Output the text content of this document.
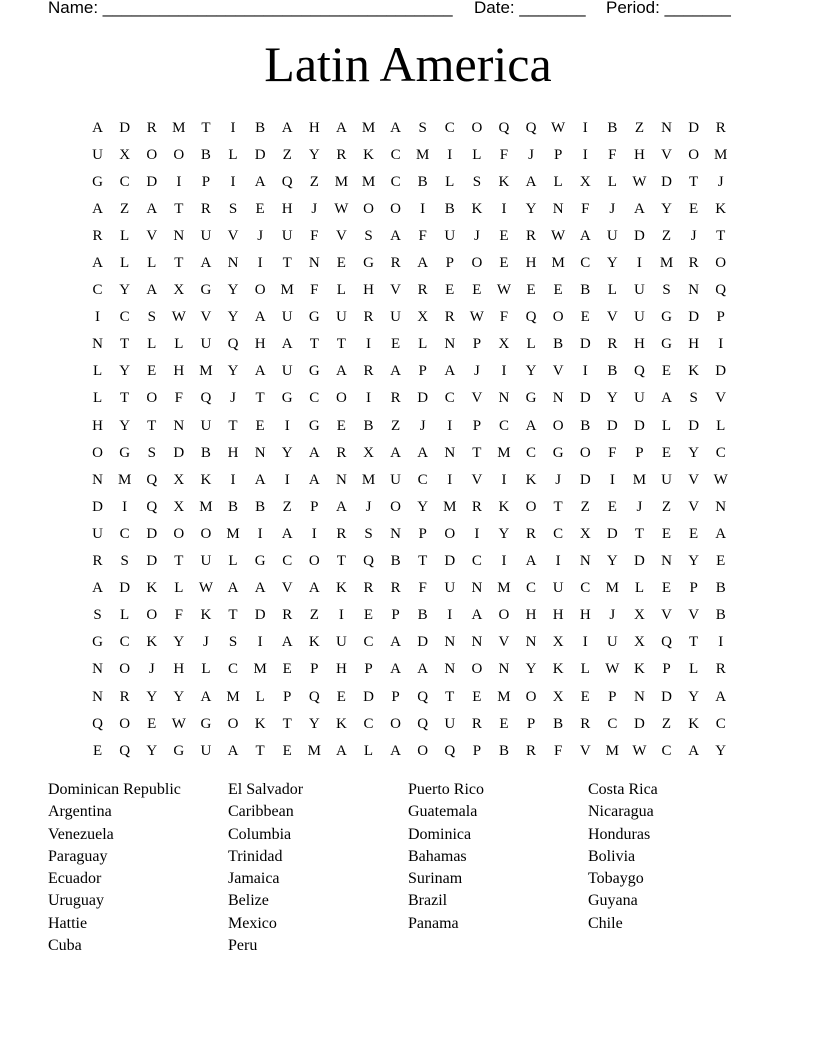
Name: _____________________________________

Date: _______

Period: _______

Latin America
A	D	R	M	T	I	B	A	H	A	M	A	S	C	O	Q	Q W	I	B	Z	N	D	R
U	X	O	O	B	L	D	Z	Y	R	K	C	M	I	L	F	J	P	I	F	H	V	O	M
G	C	D	I	P	I	A	Q	Z	M M	C	B	L	S	K	A	L	X	L	W D	T	J
A	Z	A	T	R	S	E	H	J	W O	O	I	B	K	I	Y	N	F	J	A	Y	E	K
R	L	V	N	U	V	J	U	F	V	S	A	F	U	J	E	R	W A	U	D	Z	J	T
A	L	L	T	A	N	I	T	N	E	G	R	A	P	O	E	H	M	C	Y	I	M	R	O
C	Y	A	X	G	Y	O	M	F	L	H	V	R	E	E	W	E	E	B	L	U	S	N	Q
I	C	S	W V	Y	A	U	G	U	R	U	X	R	W	F	Q	O	E	V	U	G	D	P
N	T	L	L	U	Q	H	A	T	T	I	E	L	N	P	X	L	B	D	R	H	G	H	I
L	Y	E	H	M	Y	A	U	G	A	R	A	P	A	J	I	Y	V	I	B	Q	E	K	D
L	T	O	F	Q	J	T	G	C	O	I	R	D	C	V	N	G	N	D	Y	U	A	S	V
H	Y	T	N	U	T	E	I	G	E	B	Z	J	I	P	C	A	O	B	D	D	L	D	L
O	G	S	D	B	H	N	Y	A	R	X	A	A	N	T	M	C	G	O	F	P	E	Y	C
N	M	Q	X	K	I	A	I	A	N	M	U	C	I	V	I	K	J	D	I	M	U	V W
D	I	Q	X	M	B	B	Z	P	A	J	O	Y	M	R	K	O	T	Z	E	J	Z	V	N
U	C	D	O	O	M	I	A	I	R	S	N	P	O	I	Y	R	C	X	D	T	E	E	A
R	S	D	T	U	L	G	C	O	T	Q	B	T	D	C	I	A	I	N	Y	D	N	Y	E
A	D	K	L	W A	A	V	A	K	R	R	F	U	N	M	C	U	C	M	L	E	P	B
S	L	O	F	K	T	D	R	Z	I	E	P	B	I	A	O	H	H	H	J	X	V	V	B
G	C	K	Y	J	S	I	A	K	U	C	A	D	N	N	V	N	X	I	U	X	Q	T	I
N	O	J	H	L	C	M	E	P	H	P	A	A	N	O	N	Y	K	L	W K	P	L	R
N	R	Y	Y	A	M	L	P	Q	E	D	P	Q	T	E	M	O	X	E	P	N	D	Y	A
Q	O	E	W G	O	K	T	Y	K	C	O	Q	U	R	E	P	B	R	C	D	Z	K	C
E	Q	Y	G	U	A	T	E	M	A	L	A	O	Q	P	B	R	F	V	M W	C	A	Y
Dominican Republic
Argentina
Venezuela
Paraguay
Ecuador
Uruguay
Hattie
Cuba
El Salvador
Caribbean
Columbia
Trinidad
Jamaica
Belize
Mexico
Peru
Puerto Rico
Guatemala
Dominica
Bahamas
Surinam
Brazil
Panama
Costa Rica
Nicaragua
Honduras
Bolivia
Tobaygo
Guyana
Chile
